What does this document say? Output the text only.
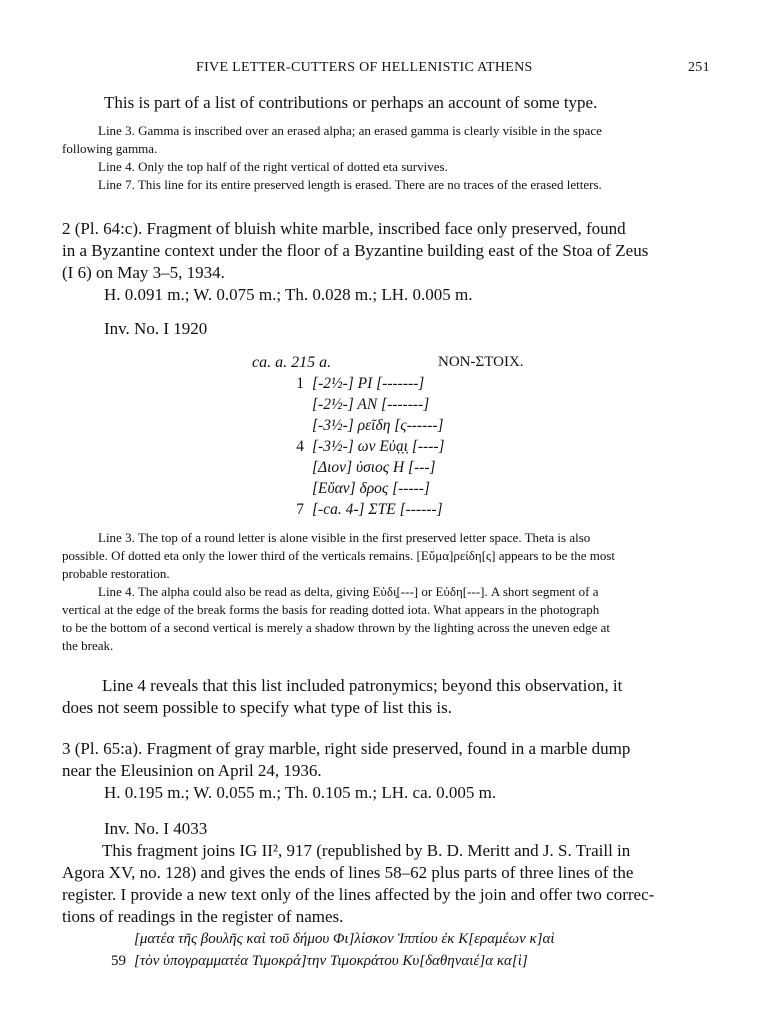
FIVE LETTER-CUTTERS OF HELLENISTIC ATHENS	251
This is part of a list of contributions or perhaps an account of some type.
Line 3. Gamma is inscribed over an erased alpha; an erased gamma is clearly visible in the space
following gamma.
Line 4. Only the top half of the right vertical of dotted eta survives.
Line 7. This line for its entire preserved length is erased. There are no traces of the erased letters.
2 (Pl. 64:c). Fragment of bluish white marble, inscribed face only preserved, found
in a Byzantine context under the floor of a Byzantine building east of the Stoa of Zeus
(I 6) on May 3–5, 1934.
H. 0.091 m.; W. 0.075 m.; Th. 0.028 m.; LH. 0.005 m.
Inv. No. I 1920
ca. a. 215 a.	NON-ΣΤΟΙΧ.
1 [-2½-] ΡΙ [-------]
[-2½-] ΑΝ [-------]
[-3½-] ρεῖδη [ς------]
4 [-3½-] ων Εὐạ̣ι̣ [----]
[Διον] ύσιος Η [---]
[Εὔαν] δρος [-----]
7 [-ca. 4-] ΣΤΕ [------]
Line 3. The top of a round letter is alone visible in the first preserved letter space. Theta is also
possible. Of dotted eta only the lower third of the verticals remains. [Εὔμα]ρείδη[ς] appears to be the most
probable restoration.
Line 4. The alpha could also be read as delta, giving Εὐδι̣[---] or Εὐδη[---]. A short segment of a
vertical at the edge of the break forms the basis for reading dotted iota. What appears in the photograph
to be the bottom of a second vertical is merely a shadow thrown by the lighting across the uneven edge at
the break.
Line 4 reveals that this list included patronymics; beyond this observation, it
does not seem possible to specify what type of list this is.
3 (Pl. 65:a). Fragment of gray marble, right side preserved, found in a marble dump
near the Eleusinion on April 24, 1936.
H. 0.195 m.; W. 0.055 m.; Th. 0.105 m.; LH. ca. 0.005 m.
Inv. No. I 4033
This fragment joins IG II², 917 (republished by B. D. Meritt and J. S. Traill in
Agora XV, no. 128) and gives the ends of lines 58–62 plus parts of three lines of the
register. I provide a new text only of the lines affected by the join and offer two correc-
tions of readings in the register of names.
[ματέα τῆς βουλῆς καὶ τοῦ δήμου Φι]λίσκον Ἱππίου ἐκ Κ[εραμέων κ]αὶ
59 [τὸν ὑπογραμματέα Τιμοκρά]την Τιμοκράτου Κυ[δαθηναιέ]α κα[ὶ]
